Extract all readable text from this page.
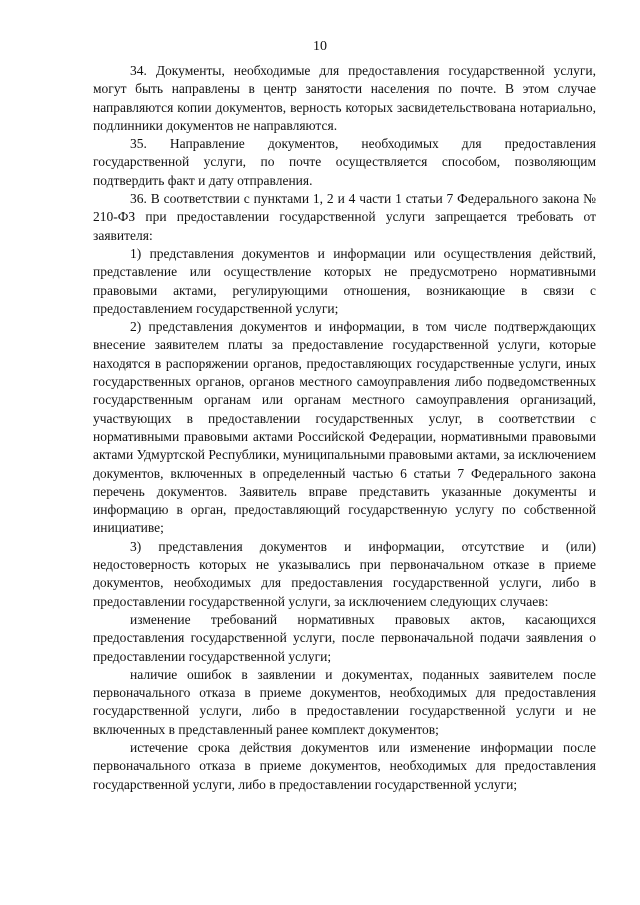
10

34. Документы, необходимые для предоставления государственной услуги, могут быть направлены в центр занятости населения по почте. В этом случае направляются копии документов, верность которых засвидетельствована нотариально, подлинники документов не направляются.

35. Направление документов, необходимых для предоставления государственной услуги, по почте осуществляется способом, позволяющим подтвердить факт и дату отправления.

36. В соответствии с пунктами 1, 2 и 4 части 1 статьи 7 Федерального закона № 210-ФЗ при предоставлении государственной услуги запрещается требовать от заявителя:

1) представления документов и информации или осуществления действий, представление или осуществление которых не предусмотрено нормативными правовыми актами, регулирующими отношения, возникающие в связи с предоставлением государственной услуги;

2) представления документов и информации, в том числе подтверждающих внесение заявителем платы за предоставление государственной услуги, которые находятся в распоряжении органов, предоставляющих государственные услуги, иных государственных органов, органов местного самоуправления либо подведомственных государственным органам или органам местного самоуправления организаций, участвующих в предоставлении государственных услуг, в соответствии с нормативными правовыми актами Российской Федерации, нормативными правовыми актами Удмуртской Республики, муниципальными правовыми актами, за исключением документов, включенных в определенный частью 6 статьи 7 Федерального закона перечень документов. Заявитель вправе представить указанные документы и информацию в орган, предоставляющий государственную услугу по собственной инициативе;

3) представления документов и информации, отсутствие и (или) недостоверность которых не указывались при первоначальном отказе в приеме документов, необходимых для предоставления государственной услуги, либо в предоставлении государственной услуги, за исключением следующих случаев:

изменение требований нормативных правовых актов, касающихся предоставления государственной услуги, после первоначальной подачи заявления о предоставлении государственной услуги;

наличие ошибок в заявлении и документах, поданных заявителем после первоначального отказа в приеме документов, необходимых для предоставления государственной услуги, либо в предоставлении государственной услуги и не включенных в представленный ранее комплект документов;

истечение срока действия документов или изменение информации после первоначального отказа в приеме документов, необходимых для предоставления государственной услуги, либо в предоставлении государственной услуги;
